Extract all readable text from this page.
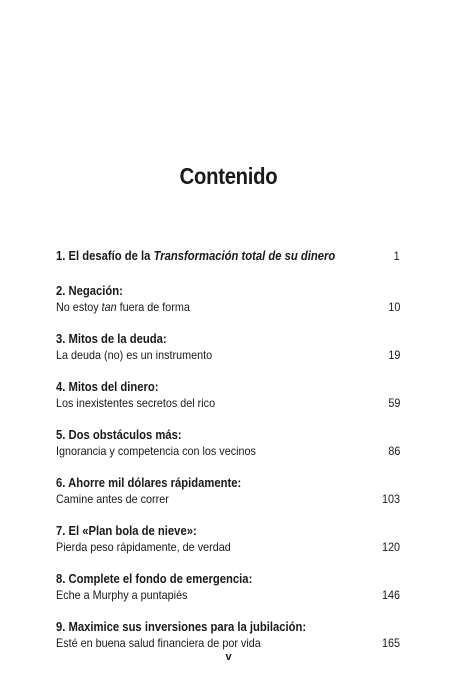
Contenido
1. El desafío de la Transformación total de su dinero	1
2. Negación:
No estoy tan fuera de forma	10
3. Mitos de la deuda:
La deuda (no) es un instrumento	19
4. Mitos del dinero:
Los inexistentes secretos del rico	59
5. Dos obstáculos más:
Ignorancia y competencia con los vecinos	86
6. Ahorre mil dólares rápidamente:
Camine antes de correr	103
7. El «Plan bola de nieve»:
Pierda peso rápidamente, de verdad	120
8. Complete el fondo de emergencia:
Eche a Murphy a puntapiés	146
9. Maximice sus inversiones para la jubilación:
Esté en buena salud financiera de por vida	165
v
